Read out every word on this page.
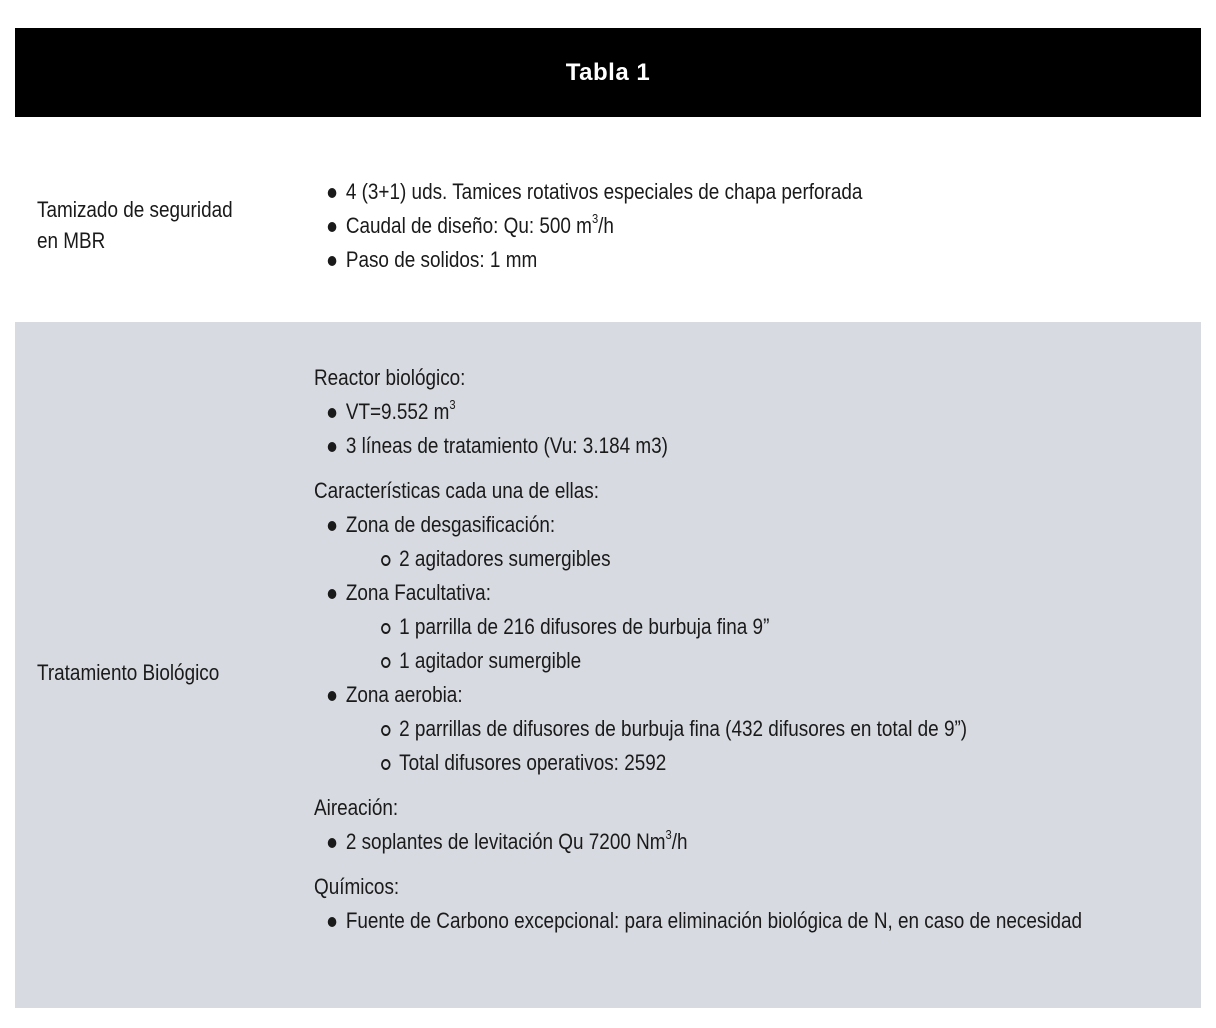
Tabla 1
Tamizado de seguridad
en MBR
4 (3+1) uds. Tamices rotativos especiales de chapa perforada
Caudal de diseño: Qu: 500 $m^3/h$
Paso de solidos: 1 mm
Tratamiento Biológico
Reactor biológico:
VT=9.552 $m^3$
3 líneas de tratamiento (Vu: 3.184 m3)
Características cada una de ellas:
Zona de desgasificación:
2 agitadores sumergibles
Zona Facultativa:
1 parrilla de 216 difusores de burbuja fina 9”
1 agitador sumergible
Zona aerobia:
2 parrillas de difusores de burbuja fina (432 difusores en total de 9”)
Total difusores operativos: 2592
Aireación:
2 soplantes de levitación Qu 7200 Nm$^3$/h
Químicos:
Fuente de Carbono excepcional: para eliminación biológica de N, en caso de necesidad
